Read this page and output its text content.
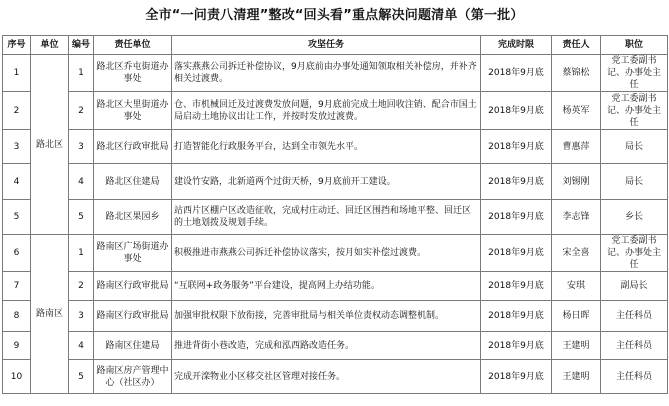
全市“一问责八清理”整改“回头看”重点解决问题清单（第一批）
序号	单位	编号	责任单位	攻坚任务	完成时限	责任人	职位
1	路北区	1	路北区乔屯街道办事处	落实燕燕公司拆迁补偿协议，9月底前由办事处通知领取相关补偿房，并补齐相关过渡费。	2018年9月底	蔡锦松	党工委副书记、办事处主任
2		2	路北区大里街道办事处	仓、市机械回迁及过渡费发放问题，9月底前完成土地回收注销、配合市国土局启动土地协议出让工作，并按时发放过渡费。	2018年9月底	杨英军	党工委副书记、办事处主任
3		3	路北区行政审批局	打造智能化行政服务平台，达到全市领先水平。	2018年9月底	曹惠萍	局长
4		4	路北区住建局	建设竹安路，北新道两个过街天桥，9月底前开工建设。	2018年9月底	刘锡刚	局长
5		5	路北区果园乡	站西片区棚户区改造征收，完成村庄动迁、回迁区围挡和场地平整、回迁区的土地划拨及规划手续。	2018年9月底	李志锋	乡长
6	路南区	1	路南区广场街道办事处	积极推进市燕燕公司拆迁补偿协议落实，按月如实补偿过渡费。	2018年9月底	宋全喜	党工委副书记、办事处主任
7		2	路南区行政审批局	“互联网+政务服务”平台建设，提高网上办结功能。	2018年9月底	安琪	副局长
8		3	路南区行政审批局	加强审批权限下放衔接，完善审批局与相关单位责权动态调整机制。	2018年9月底	杨日晖	主任科员
9		4	路南区住建局	推进背街小巷改造，完成和泓西路改造任务。	2018年9月底	王建明	主任科员
10		5	路南区房产管理中心（社区办）	完成开滦物业小区移交社区管理对接任务。	2018年9月底	王建明	主任科员
